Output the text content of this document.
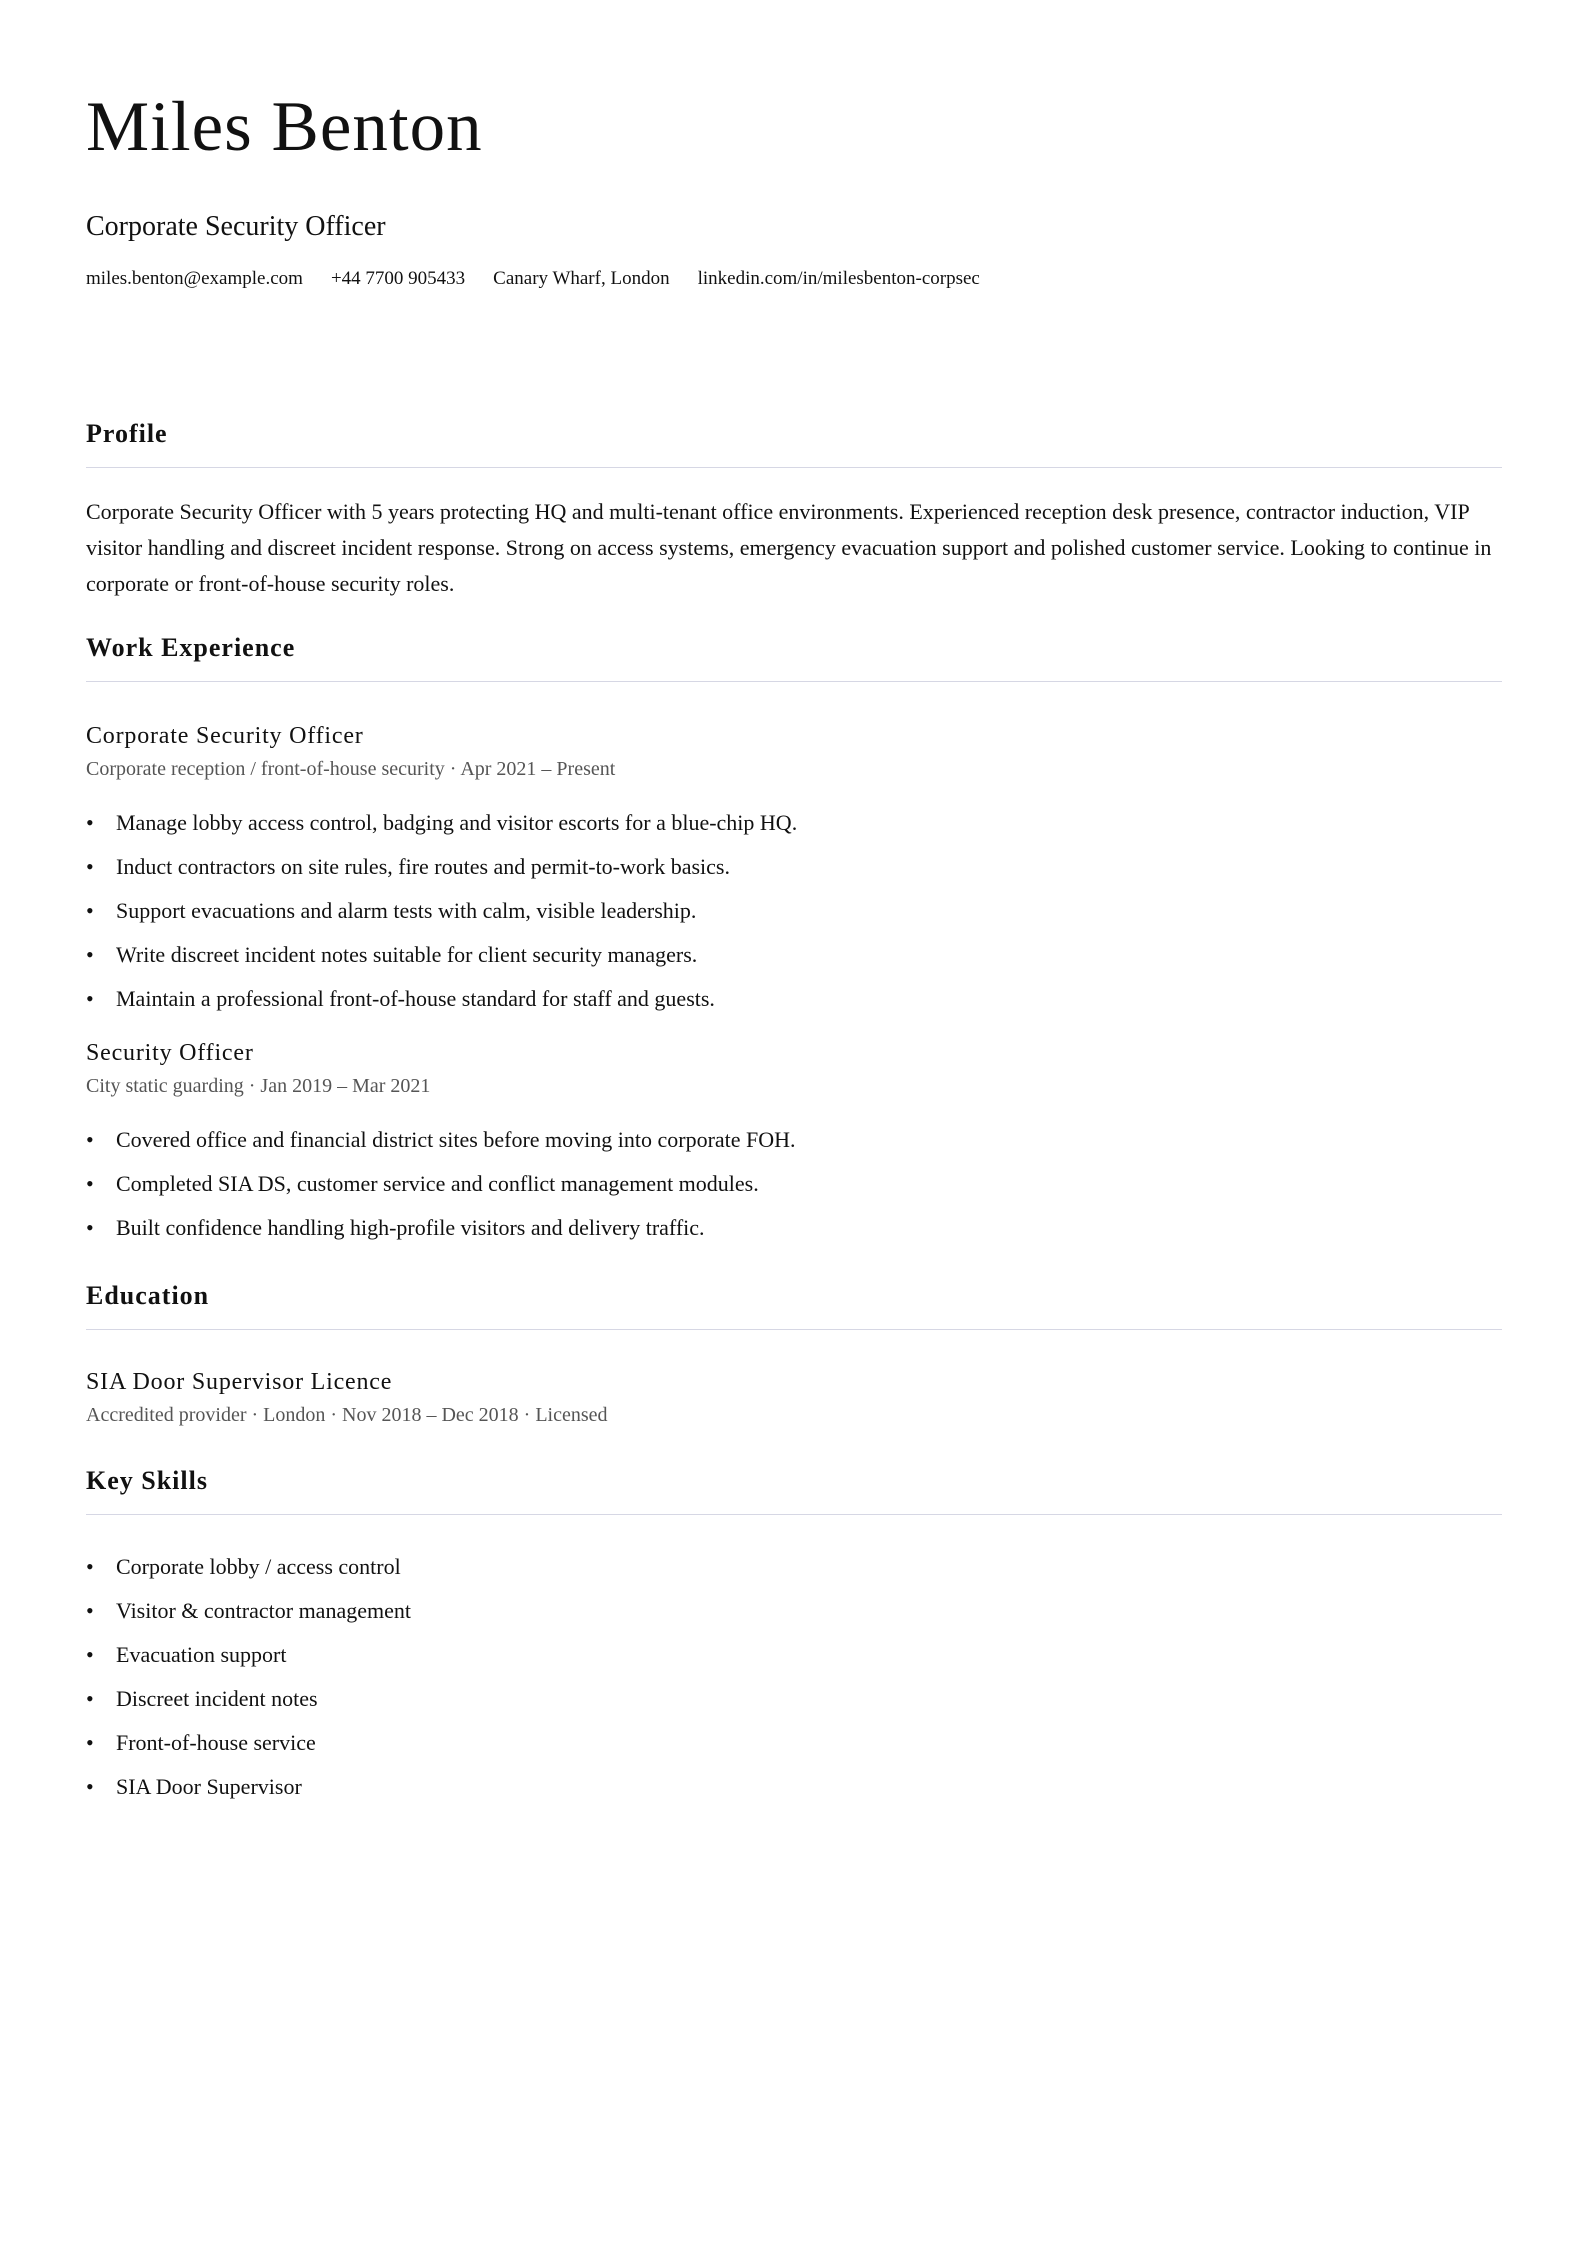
Miles Benton
Corporate Security Officer
miles.benton@example.com +44 7700 905433 Canary Wharf, London linkedin.com/in/milesbenton-corpsec
Profile

Corporate Security Officer with 5 years protecting HQ and multi-tenant office environments. Experienced reception desk presence, contractor induction, VIP visitor handling and discreet incident response. Strong on access systems, emergency evacuation support and polished customer service. Looking to continue in corporate or front-of-house security roles.

Work Experience
Corporate Security Officer
Corporate reception / front-of-house security · Apr 2021 – Present
• Manage lobby access control, badging and visitor escorts for a blue-chip HQ.
• Induct contractors on site rules, fire routes and permit-to-work basics.
• Support evacuations and alarm tests with calm, visible leadership.
• Write discreet incident notes suitable for client security managers.
• Maintain a professional front-of-house standard for staff and guests.
Security Officer
City static guarding · Jan 2019 – Mar 2021
• Covered office and financial district sites before moving into corporate FOH.
• Completed SIA DS, customer service and conflict management modules.
• Built confidence handling high-profile visitors and delivery traffic.
Education
SIA Door Supervisor Licence
Accredited provider · London · Nov 2018 – Dec 2018 · Licensed
Key Skills
• Corporate lobby / access control
• Visitor & contractor management
• Evacuation support
• Discreet incident notes
• Front-of-house service
• SIA Door Supervisor
